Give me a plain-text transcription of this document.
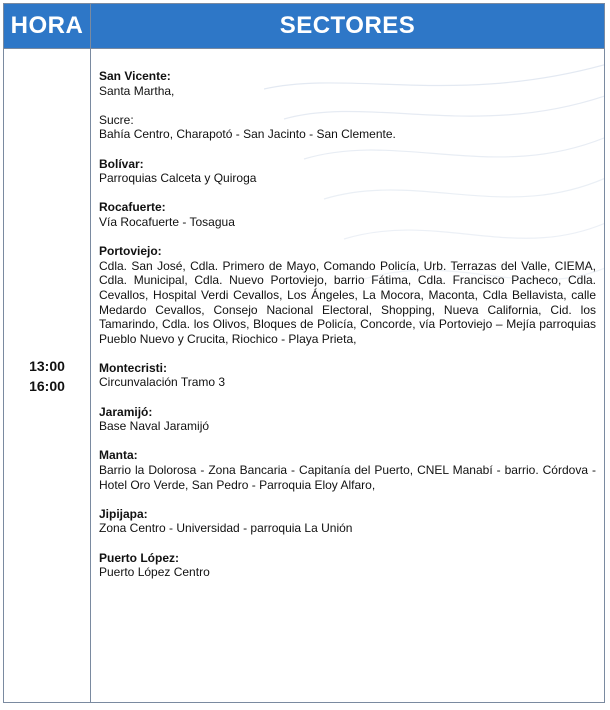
HORA	SECTORES
13:00
16:00
San Vicente:
Santa Martha,
Sucre:
Bahía Centro, Charapotó - San Jacinto - San Clemente.
Bolívar:
Parroquias Calceta y Quiroga
Rocafuerte:
Vía Rocafuerte - Tosagua
Portoviejo:
Cdla. San José, Cdla. Primero de Mayo, Comando Policía, Urb. Terrazas del Valle, CIEMA, Cdla. Municipal, Cdla. Nuevo Portoviejo, barrio Fátima, Cdla. Francisco Pacheco, Cdla. Cevallos, Hospital Verdi Cevallos, Los Ángeles, La Mocora, Maconta, Cdla Bellavista, calle Medardo Cevallos, Consejo Nacional Electoral, Shopping, Nueva California, Cid. los Tamarindo, Cdla. los Olivos, Bloques de Policía, Concorde, vía Portoviejo – Mejía parroquias Pueblo Nuevo y Crucita, Riochico - Playa Prieta,
Montecristi:
Circunvalación Tramo 3
Jaramijó:
Base Naval Jaramijó
Manta:
Barrio la Dolorosa - Zona Bancaria - Capitanía del Puerto, CNEL Manabí - barrio. Córdova - Hotel Oro Verde, San Pedro - Parroquia Eloy Alfaro,
Jipijapa:
Zona Centro - Universidad - parroquia La Unión
Puerto López:
Puerto López Centro
